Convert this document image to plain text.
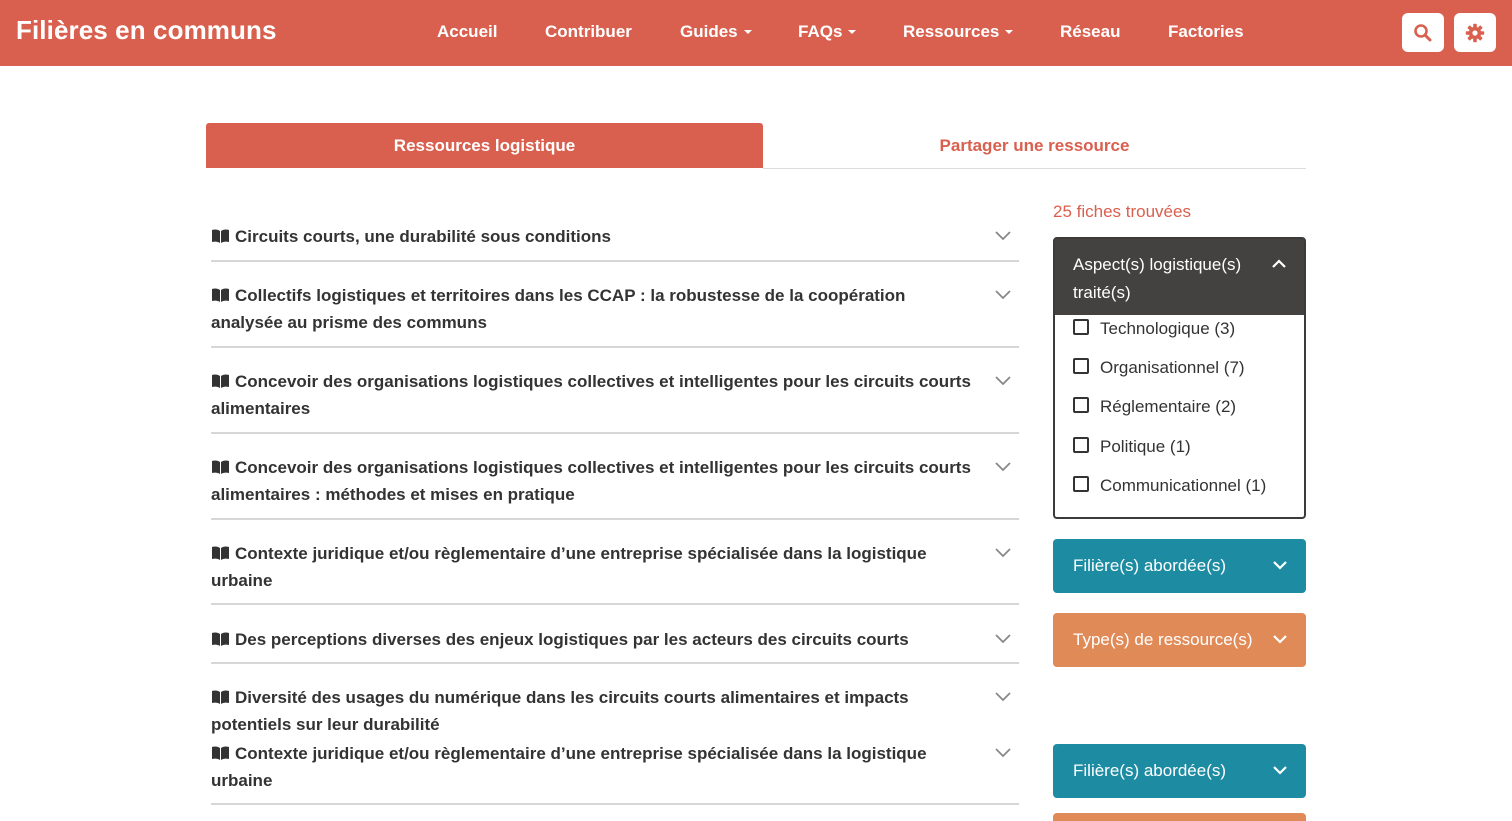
Filières en communs	Accueil	Contribuer	Guides	FAQs	Ressources	Réseau	Factories
Ressources logistique	Partager une ressource
Circuits courts, une durabilité sous conditions
Collectifs logistiques et territoires dans les CCAP : la robustesse de la coopération analysée au prisme des communs
Concevoir des organisations logistiques collectives et intelligentes pour les circuits courts alimentaires
Concevoir des organisations logistiques collectives et intelligentes pour les circuits courts alimentaires : méthodes et mises en pratique
Contexte juridique et/ou règlementaire d’une entreprise spécialisée dans la logistique urbaine
Des perceptions diverses des enjeux logistiques par les acteurs des circuits courts
Diversité des usages du numérique dans les circuits courts alimentaires et impacts potentiels sur leur durabilité
Contexte juridique et/ou règlementaire d’une entreprise spécialisée dans la logistique urbaine
25 fiches trouvées
Aspect(s) logistique(s) traité(s)
Technologique (3)
Organisationnel (7)
Réglementaire (2)
Politique (1)
Communicationnel (1)
Filière(s) abordée(s)
Type(s) de ressource(s)
Filière(s) abordée(s)
